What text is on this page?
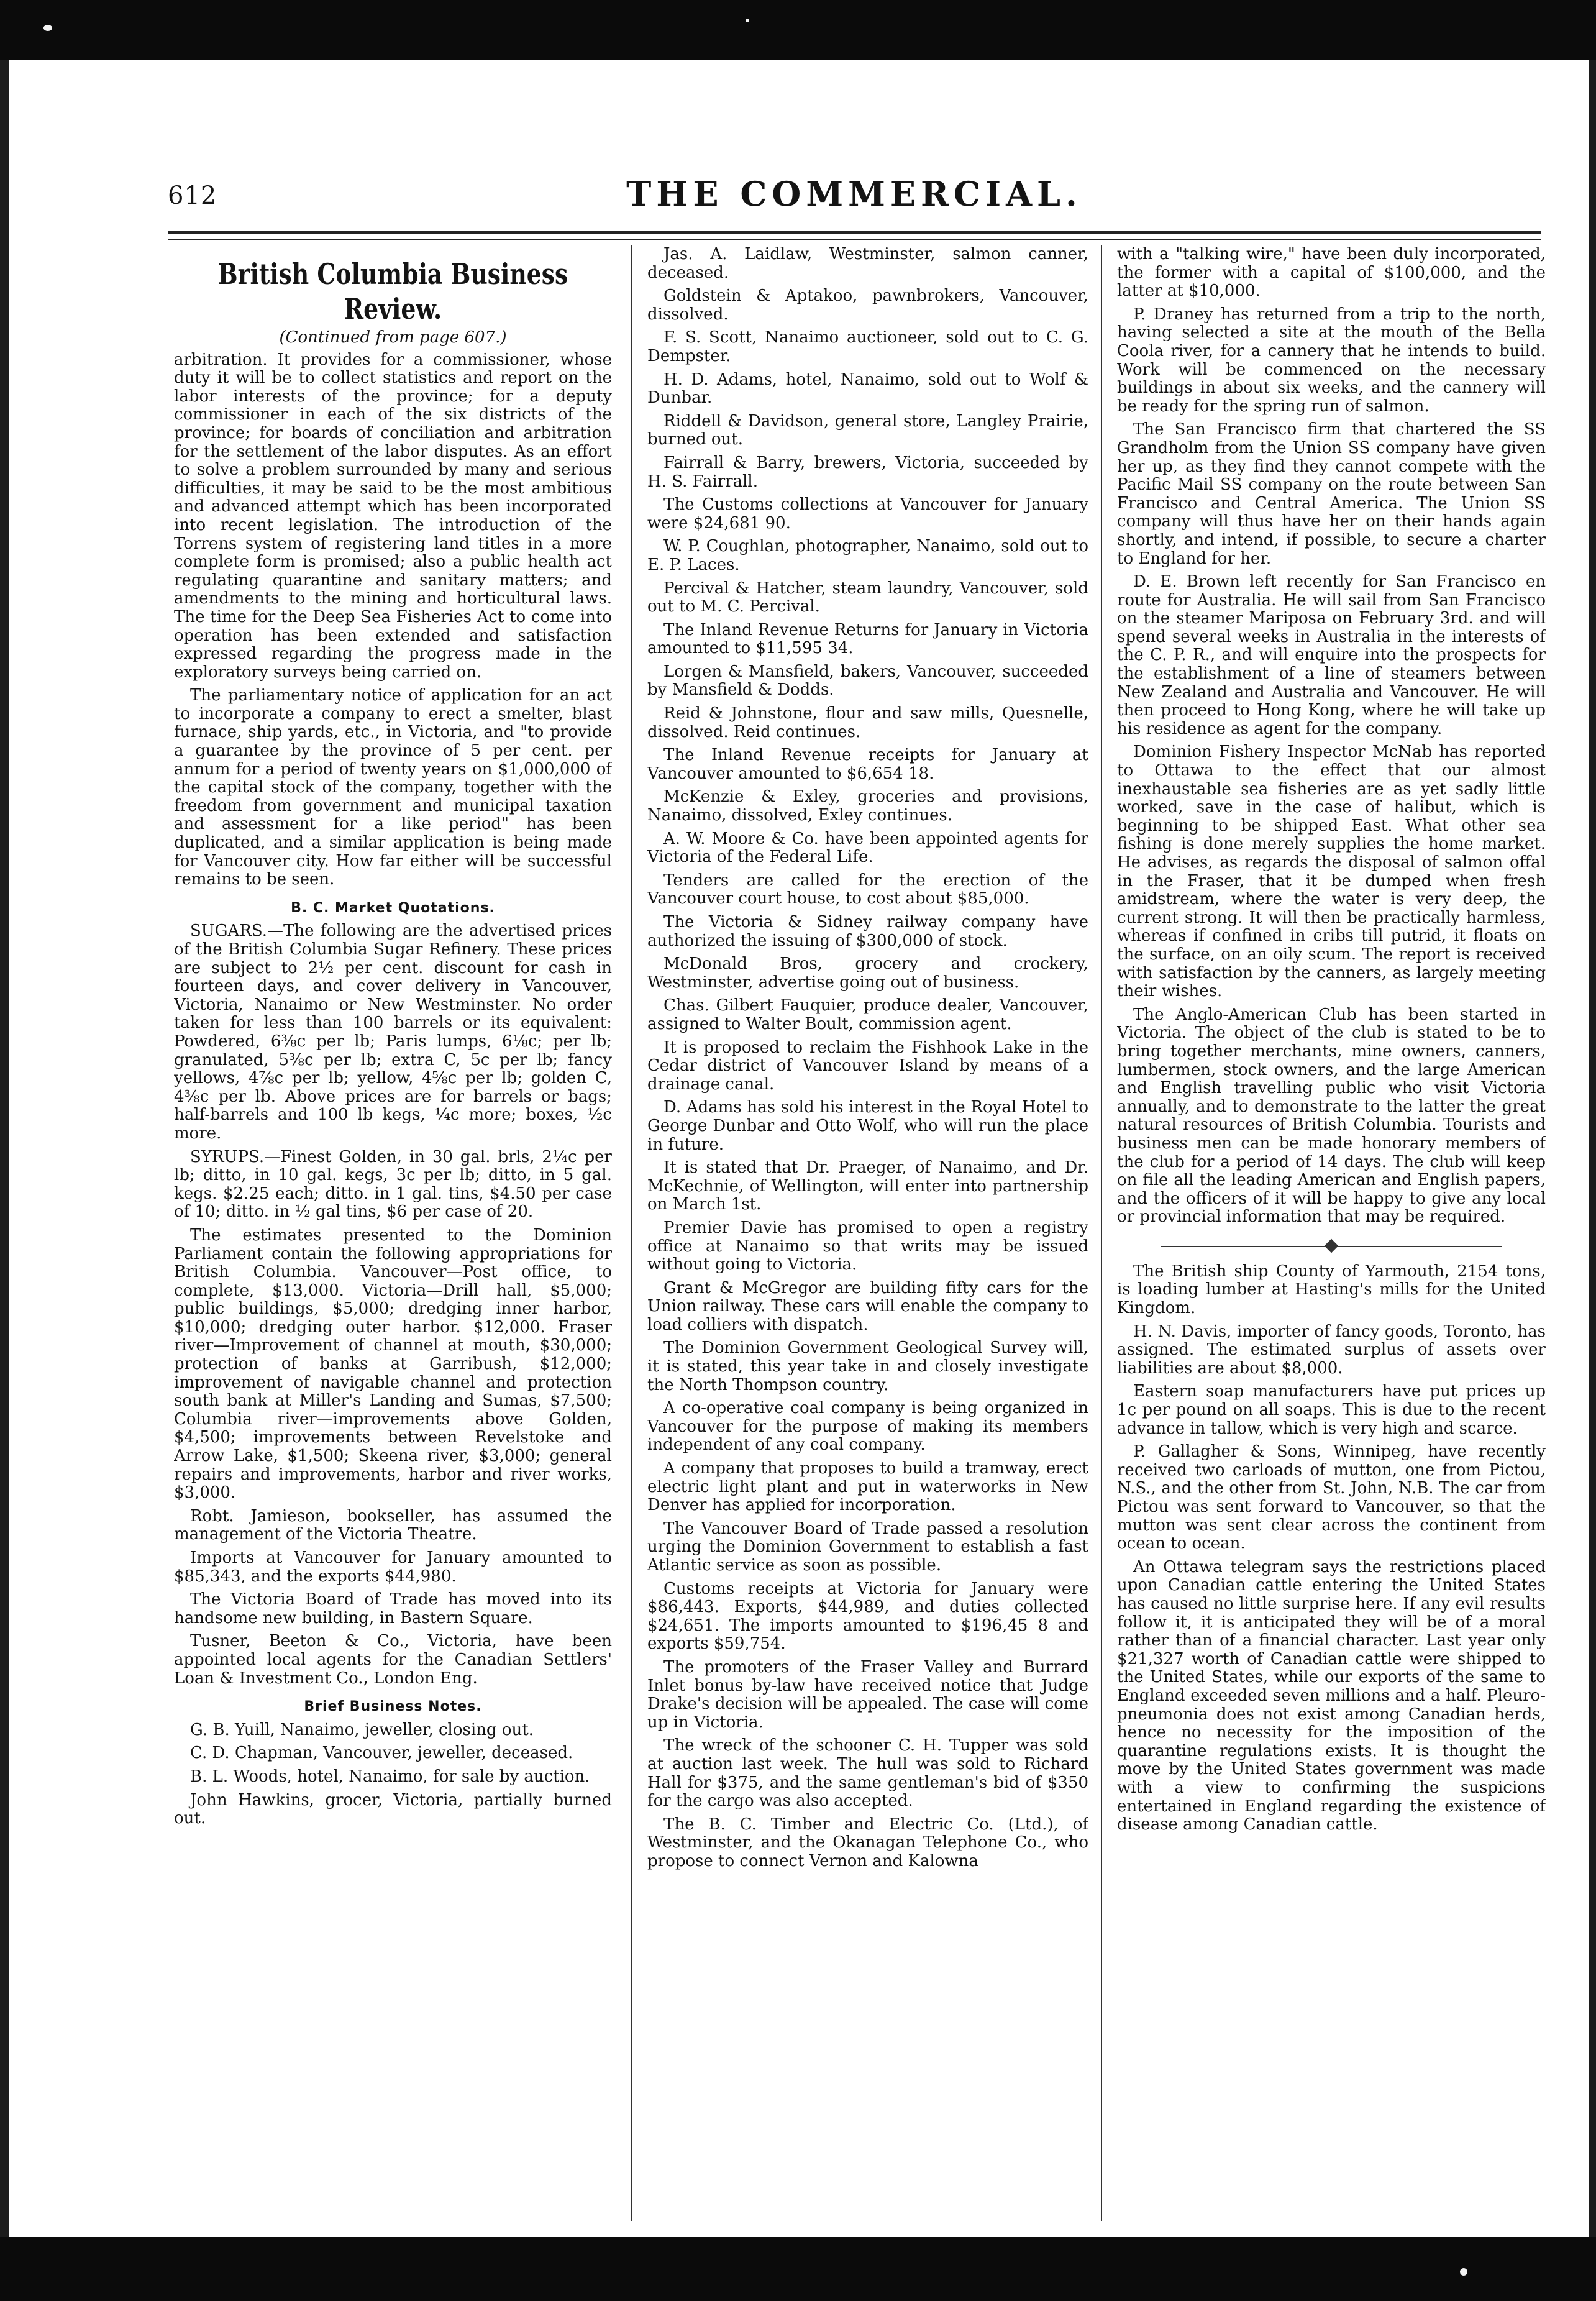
612	THE COMMERCIAL.
British Columbia Business Review.
(Continued from page 607.)

arbitration. It provides for a commissioner, whose duty it will be to collect statistics and report on the labor interests of the province; for a deputy commissioner in each of the six districts of the province; for boards of conciliation and arbitration for the settlement of the labor disputes. As an effort to solve a problem surrounded by many and serious difficulties, it may be said to be the most ambitious and advanced attempt which has been incorporated into recent legislation. The introduction of the Torrens system of registering land titles in a more complete form is promised; also a public health act regulating quarantine and sanitary matters; and amendments to the mining and horticultural laws. The time for the Deep Sea Fisheries Act to come into operation has been extended and satisfaction expressed regarding the progress made in the exploratory surveys being carried on.

The parliamentary notice of application for an act to incorporate a company to erect a smelter, blast furnace, ship yards, etc., in Victoria, and "to provide a guarantee by the province of 5 per cent. per annum for a period of twenty years on $1,000,000 of the capital stock of the company, together with the freedom from government and municipal taxation and assessment for a like period" has been duplicated, and a similar application is being made for Vancouver city. How far either will be successful remains to be seen.

B. C. Market Quotations.

SUGARS.—The following are the advertised prices of the British Columbia Sugar Refinery. These prices are subject to 2½ per cent. discount for cash in fourteen days, and cover delivery in Vancouver, Victoria, Nanaimo or New Westminster. No order taken for less than 100 barrels or its equivalent: Powdered, 6⅜c per lb; Paris lumps, 6⅛c; per lb; granulated, 5⅜c per lb; extra C, 5c per lb; fancy yellows, 4⅞c per lb; yellow, 4⅝c per lb; golden C, 4⅜c per lb. Above prices are for barrels or bags; half-barrels and 100 lb kegs, ¼c more; boxes, ½c more.

SYRUPS.—Finest Golden, in 30 gal. brls, 2¼c per lb; ditto, in 10 gal. kegs, 3c per lb; ditto, in 5 gal. kegs. $2.25 each; ditto. in 1 gal. tins, $4.50 per case of 10; ditto. in ½ gal tins, $6 per case of 20.

The estimates presented to the Dominion Parliament contain the following appropriations for British Columbia. Vancouver—Post office, to complete, $13,000. Victoria—Drill hall, $5,000; public buildings, $5,000; dredging inner harbor, $10,000; dredging outer harbor. $12,000. Fraser river—Improvement of channel at mouth, $30,000; protection of banks at Garribush, $12,000; improvement of navigable channel and protection south bank at Miller's Landing and Sumas, $7,500; Columbia river—improvements above Golden, $4,500; improvements between Revelstoke and Arrow Lake, $1,500; Skeena river, $3,000; general repairs and improvements, harbor and river works, $3,000.

Robt. Jamieson, bookseller, has assumed the management of the Victoria Theatre.

Imports at Vancouver for January amounted to $85,343, and the exports $44,980.

The Victoria Board of Trade has moved into its handsome new building, in Bastern Square.

Tusner, Beeton & Co., Victoria, have been appointed local agents for the Canadian Settlers' Loan & Investment Co., London Eng.

Brief Business Notes.

G. B. Yuill, Nanaimo, jeweller, closing out.

C. D. Chapman, Vancouver, jeweller, deceased.

B. L. Woods, hotel, Nanaimo, for sale by auction.

John Hawkins, grocer, Victoria, partially burned out.

Jas. A. Laidlaw, Westminster, salmon canner, deceased.

Goldstein & Aptakoo, pawnbrokers, Vancouver, dissolved.

F. S. Scott, Nanaimo auctioneer, sold out to C. G. Dempster.

H. D. Adams, hotel, Nanaimo, sold out to Wolf & Dunbar.

Riddell & Davidson, general store, Langley Prairie, burned out.

Fairrall & Barry, brewers, Victoria, succeeded by H. S. Fairrall.

The Customs collections at Vancouver for January were $24,681 90.

W. P. Coughlan, photographer, Nanaimo, sold out to E. P. Laces.

Percival & Hatcher, steam laundry, Vancouver, sold out to M. C. Percival.

The Inland Revenue Returns for January in Victoria amounted to $11,595 34.

Lorgen & Mansfield, bakers, Vancouver, succeeded by Mansfield & Dodds.

Reid & Johnstone, flour and saw mills, Quesnelle, dissolved. Reid continues.

The Inland Revenue receipts for January at Vancouver amounted to $6,654 18.

McKenzie & Exley, groceries and provisions, Nanaimo, dissolved, Exley continues.

A. W. Moore & Co. have been appointed agents for Victoria of the Federal Life.

Tenders are called for the erection of the Vancouver court house, to cost about $85,000.

The Victoria & Sidney railway company have authorized the issuing of $300,000 of stock.

McDonald Bros, grocery and crockery, Westminster, advertise going out of business.

Chas. Gilbert Fauquier, produce dealer, Vancouver, assigned to Walter Boult, commission agent.

It is proposed to reclaim the Fishhook Lake in the Cedar district of Vancouver Island by means of a drainage canal.

D. Adams has sold his interest in the Royal Hotel to George Dunbar and Otto Wolf, who will run the place in future.

It is stated that Dr. Praeger, of Nanaimo, and Dr. McKechnie, of Wellington, will enter into partnership on March 1st.

Premier Davie has promised to open a registry office at Nanaimo so that writs may be issued without going to Victoria.

Grant & McGregor are building fifty cars for the Union railway. These cars will enable the company to load colliers with dispatch.

The Dominion Government Geological Survey will, it is stated, this year take in and closely investigate the North Thompson country.

A co-operative coal company is being organized in Vancouver for the purpose of making its members independent of any coal company.

A company that proposes to build a tramway, erect electric light plant and put in waterworks in New Denver has applied for incorporation.

The Vancouver Board of Trade passed a resolution urging the Dominion Government to establish a fast Atlantic service as soon as possible.

Customs receipts at Victoria for January were $86,443. Exports, $44,989, and duties collected $24,651. The imports amounted to $196,45 8 and exports $59,754.

The promoters of the Fraser Valley and Burrard Inlet bonus by-law have received notice that Judge Drake's decision will be appealed. The case will come up in Victoria.

The wreck of the schooner C. H. Tupper was sold at auction last week. The hull was sold to Richard Hall for $375, and the same gentleman's bid of $350 for the cargo was also accepted.

The B. C. Timber and Electric Co. (Ltd.), of Westminster, and the Okanagan Telephone Co., who propose to connect Vernon and Kalowna

with a "talking wire," have been duly incorporated, the former with a capital of $100,000, and the latter at $10,000.

P. Draney has returned from a trip to the north, having selected a site at the mouth of the Bella Coola river, for a cannery that he intends to build. Work will be commenced on the necessary buildings in about six weeks, and the cannery will be ready for the spring run of salmon.

The San Francisco firm that chartered the SS Grandholm from the Union SS company have given her up, as they find they cannot compete with the Pacific Mail SS company on the route between San Francisco and Central America. The Union SS company will thus have her on their hands again shortly, and intend, if possible, to secure a charter to England for her.

D. E. Brown left recently for San Francisco en route for Australia. He will sail from San Francisco on the steamer Mariposa on February 3rd. and will spend several weeks in Australia in the interests of the C. P. R., and will enquire into the prospects for the establishment of a line of steamers between New Zealand and Australia and Vancouver. He will then proceed to Hong Kong, where he will take up his residence as agent for the company.

Dominion Fishery Inspector McNab has reported to Ottawa to the effect that our almost inexhaustable sea fisheries are as yet sadly little worked, save in the case of halibut, which is beginning to be shipped East. What other sea fishing is done merely supplies the home market. He advises, as regards the disposal of salmon offal in the Fraser, that it be dumped when fresh amidstream, where the water is very deep, the current strong. It will then be practically harmless, whereas if confined in cribs till putrid, it floats on the surface, on an oily scum. The report is received with satisfaction by the canners, as largely meeting their wishes.

The Anglo-American Club has been started in Victoria. The object of the club is stated to be to bring together merchants, mine owners, canners, lumbermen, stock owners, and the large American and English travelling public who visit Victoria annually, and to demonstrate to the latter the great natural resources of British Columbia. Tourists and business men can be made honorary members of the club for a period of 14 days. The club will keep on file all the leading American and English papers, and the officers of it will be happy to give any local or provincial information that may be required.

The British ship County of Yarmouth, 2154 tons, is loading lumber at Hasting's mills for the United Kingdom.

H. N. Davis, importer of fancy goods, Toronto, has assigned. The estimated surplus of assets over liabilities are about $8,000.

Eastern soap manufacturers have put prices up 1c per pound on all soaps. This is due to the recent advance in tallow, which is very high and scarce.

P. Gallagher & Sons, Winnipeg, have recently received two carloads of mutton, one from Pictou, N.S., and the other from St. John, N.B. The car from Pictou was sent forward to Vancouver, so that the mutton was sent clear across the continent from ocean to ocean.

An Ottawa telegram says the restrictions placed upon Canadian cattle entering the United States has caused no little surprise here. If any evil results follow it, it is anticipated they will be of a moral rather than of a financial character. Last year only $21,327 worth of Canadian cattle were shipped to the United States, while our exports of the same to England exceeded seven millions and a half. Pleuro-pneumonia does not exist among Canadian herds, hence no necessity for the imposition of the quarantine regulations exists. It is thought the move by the United States government was made with a view to confirming the suspicions entertained in England regarding the existence of disease among Canadian cattle.
